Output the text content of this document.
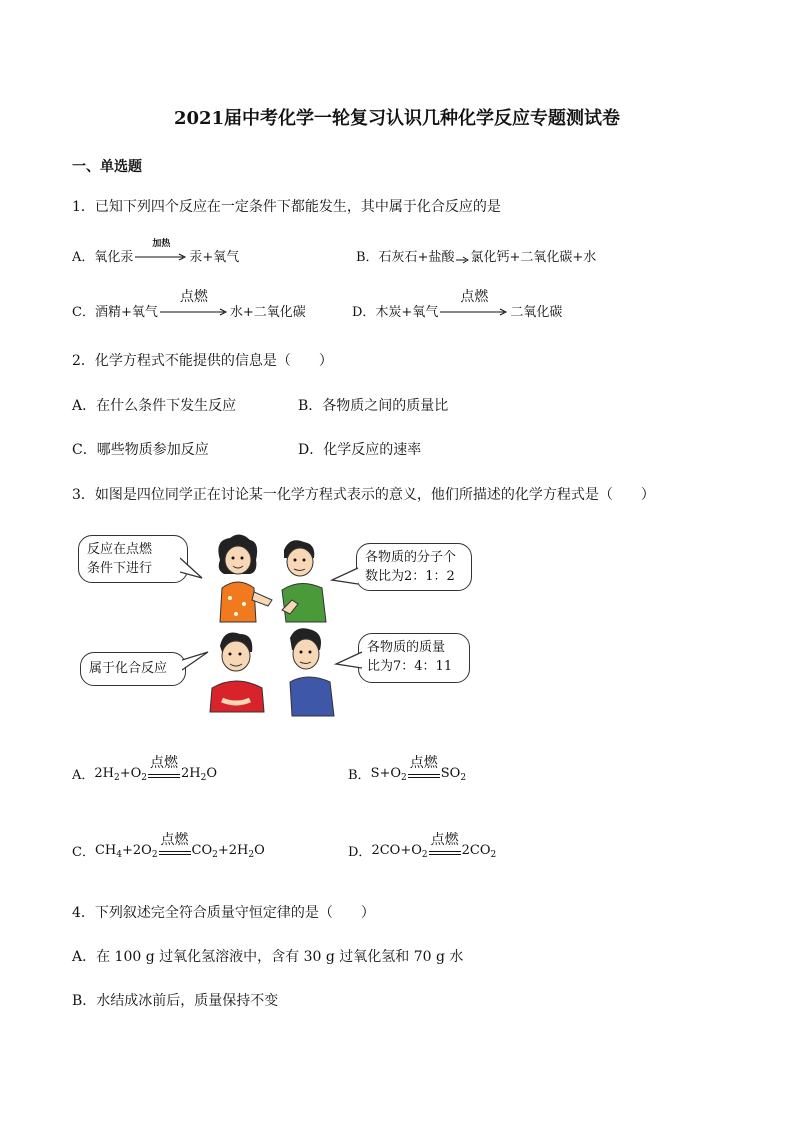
2021届中考化学一轮复习认识几种化学反应专题测试卷
一、单选题
1．已知下列四个反应在一定条件下都能发生，其中属于化合反应的是
A．氧化汞
加热
汞+氧气	B．石灰石+盐酸 氯化钙+二氧化碳+水
C．酒精+氧气
点燃
水+二氧化碳	D．木炭+氧气
点燃
二氧化碳
2．化学方程式不能提供的信息是（　　）
A．在什么条件下发生反应	B．各物质之间的质量比
C．哪些物质参加反应	D．化学反应的速率
3．如图是四位同学正在讨论某一化学方程式表示的意义，他们所描述的化学方程式是（　　）
反应在点燃
条件下进行
各物质的分子个
数比为2：1：2
属于化合反应
各物质的质量
比为7：4：11
A． $2H_2+O_2$
点燃
$2H_2O$	B． $S+O_2$
点燃
$SO_2$
C． $CH_4+2O_2$
点燃
$CO_2+2H_2O$	D． $2CO+O_2$
点燃
$2CO_2$
4．下列叙述完全符合质量守恒定律的是（　　）
A．在 100 g 过氧化氢溶液中，含有 30 g 过氧化氢和 70 g 水
B．水结成冰前后，质量保持不变
